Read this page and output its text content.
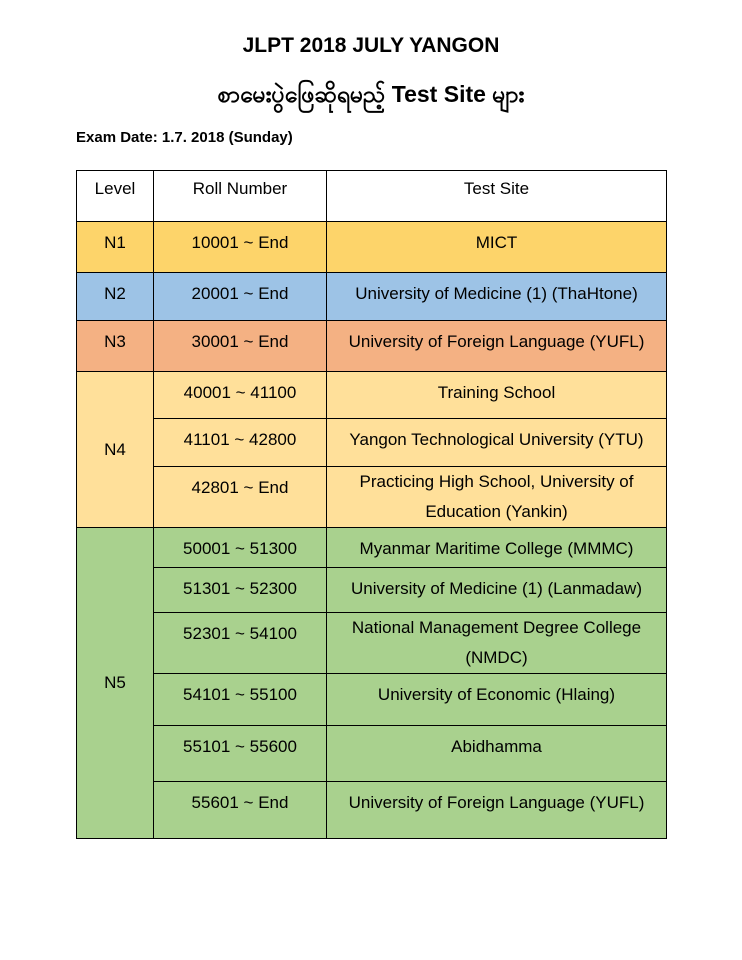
JLPT 2018 JULY YANGON
စာမေးပွဲဖြေဆိုရမည့် Test Site များ
Exam Date: 1.7. 2018 (Sunday)
Level	Roll Number	Test Site
N1	10001 ~ End	MICT
N2	20001 ~ End	University of Medicine (1) (ThaHtone)
N3	30001 ~ End	University of Foreign Language (YUFL)
N4	40001 ~ 41100	Training School
	41101 ~ 42800	Yangon Technological University (YTU)
	42801 ~ End	Practicing High School, University of Education (Yankin)
N5	50001 ~ 51300	Myanmar Maritime College (MMMC)
	51301 ~ 52300	University of Medicine (1) (Lanmadaw)
	52301 ~ 54100	National Management Degree College (NMDC)
	54101 ~ 55100	University of Economic (Hlaing)
	55101 ~ 55600	Abidhamma
	55601 ~ End	University of Foreign Language (YUFL)
